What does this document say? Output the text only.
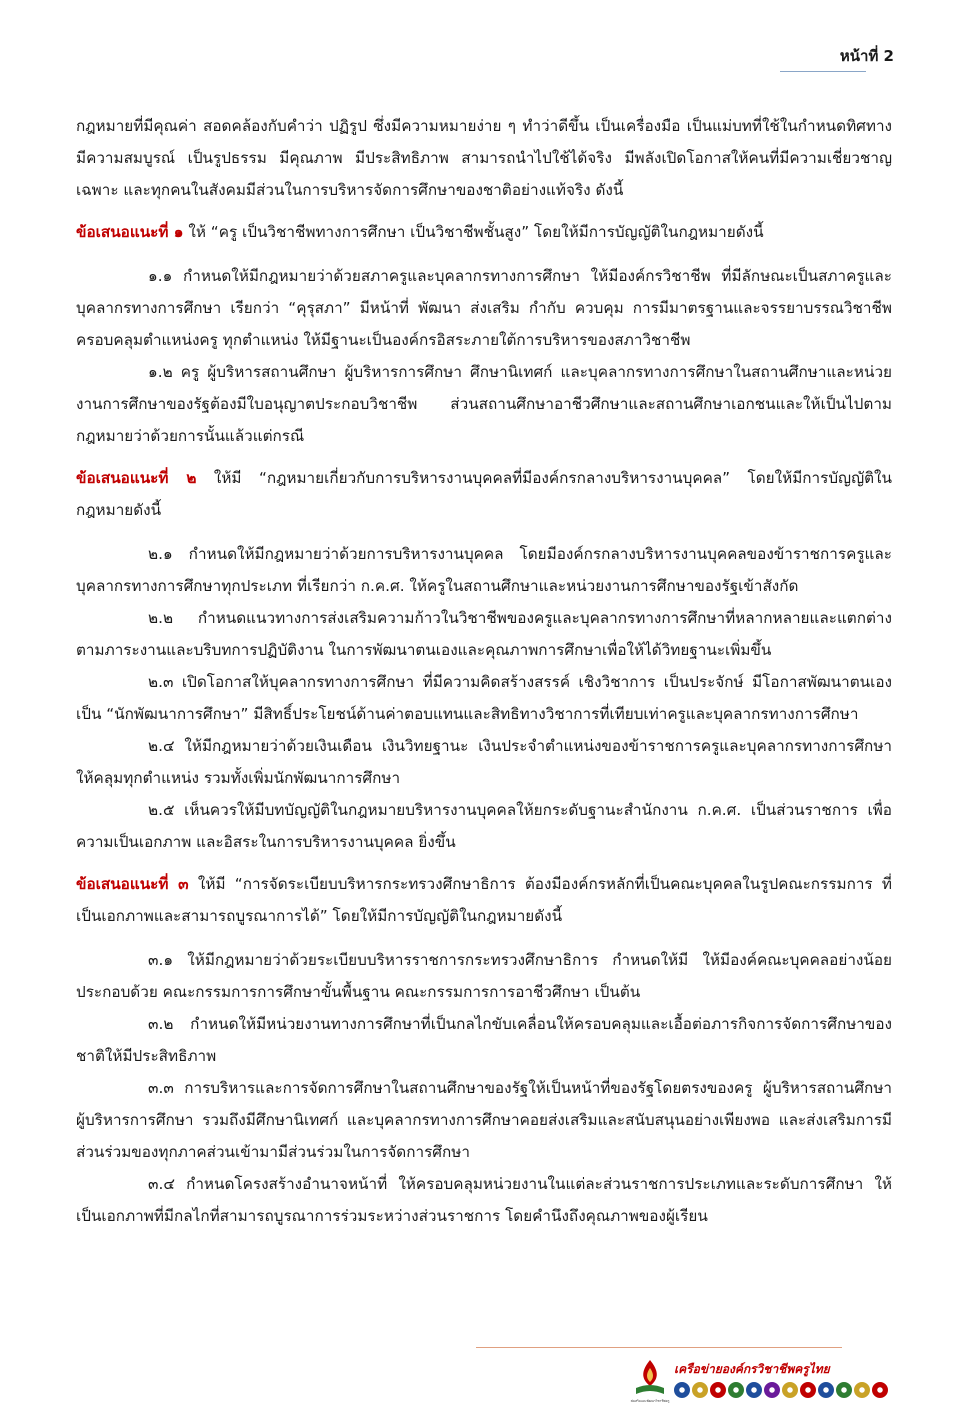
หน้าที่ 2

กฎหมายที่มีคุณค่า สอดคล้องกับคำว่า ปฏิรูป ซึ่งมีความหมายง่าย ๆ ทำว่าดีขึ้น เป็นเครื่องมือ เป็นแม่บทที่ใช้ในกำหนดทิศทาง มีความสมบูรณ์ เป็นรูปธรรม มีคุณภาพ มีประสิทธิภาพ สามารถนำไปใช้ได้จริง มีพลังเปิดโอกาสให้คนที่มีความเชี่ยวชาญเฉพาะ และทุกคนในสังคมมีส่วนในการบริหารจัดการศึกษาของชาติอย่างแท้จริง ดังนี้

ข้อเสนอแนะที่ ๑ ให้ “ครู เป็นวิชาชีพทางการศึกษา เป็นวิชาชีพชั้นสูง” โดยให้มีการบัญญัติในกฎหมายดังนี้

๑.๑ กำหนดให้มีกฎหมายว่าด้วยสภาครูและบุคลากรทางการศึกษา ให้มีองค์กรวิชาชีพ ที่มีลักษณะเป็นสภาครูและบุคลากรทางการศึกษา เรียกว่า “คุรุสภา” มีหน้าที่ พัฒนา ส่งเสริม กำกับ ควบคุม การมีมาตรฐานและจรรยาบรรณวิชาชีพ ครอบคลุมตำแหน่งครู ทุกตำแหน่ง ให้มีฐานะเป็นองค์กรอิสระภายใต้การบริหารของสภาวิชาชีพ

๑.๒ ครู ผู้บริหารสถานศึกษา ผู้บริหารการศึกษา ศึกษานิเทศก์ และบุคลากรทางการศึกษาในสถานศึกษาและหน่วยงานการศึกษาของรัฐต้องมีใบอนุญาตประกอบวิชาชีพ ส่วนสถานศึกษาอาชีวศึกษาและสถานศึกษาเอกชนและให้เป็นไปตามกฎหมายว่าด้วยการนั้นแล้วแต่กรณี

ข้อเสนอแนะที่ ๒ ให้มี “กฎหมายเกี่ยวกับการบริหารงานบุคคลที่มีองค์กรกลางบริหารงานบุคคล” โดยให้มีการบัญญัติในกฎหมายดังนี้

๒.๑ กำหนดให้มีกฎหมายว่าด้วยการบริหารงานบุคคล โดยมีองค์กรกลางบริหารงานบุคคลของข้าราชการครูและบุคลากรทางการศึกษาทุกประเภท ที่เรียกว่า ก.ค.ศ. ให้ครูในสถานศึกษาและหน่วยงานการศึกษาของรัฐเข้าสังกัด

๒.๒ กำหนดแนวทางการส่งเสริมความก้าวในวิชาชีพของครูและบุคลากรทางการศึกษาที่หลากหลายและแตกต่างตามภาระงานและบริบทการปฏิบัติงาน ในการพัฒนาตนเองและคุณภาพการศึกษาเพื่อให้ได้วิทยฐานะเพิ่มขึ้น

๒.๓ เปิดโอกาสให้บุคลากรทางการศึกษา ที่มีความคิดสร้างสรรค์ เชิงวิชาการ เป็นประจักษ์ มีโอกาสพัฒนาตนเองเป็น “นักพัฒนาการศึกษา” มีสิทธิ์ประโยชน์ด้านค่าตอบแทนและสิทธิทางวิชาการที่เทียบเท่าครูและบุคลากรทางการศึกษา

๒.๔ ให้มีกฎหมายว่าด้วยเงินเดือน เงินวิทยฐานะ เงินประจำตำแหน่งของข้าราชการครูและบุคลากรทางการศึกษาให้คลุมทุกตำแหน่ง รวมทั้งเพิ่มนักพัฒนาการศึกษา

๒.๕ เห็นควรให้มีบทบัญญัติในกฎหมายบริหารงานบุคคลให้ยกระดับฐานะสำนักงาน ก.ค.ศ. เป็นส่วนราชการ เพื่อความเป็นเอกภาพ และอิสระในการบริหารงานบุคคล ยิ่งขึ้น

ข้อเสนอแนะที่ ๓ ให้มี “การจัดระเบียบบริหารกระทรวงศึกษาธิการ ต้องมีองค์กรหลักที่เป็นคณะบุคคลในรูปคณะกรรมการ ที่เป็นเอกภาพและสามารถบูรณาการได้” โดยให้มีการบัญญัติในกฎหมายดังนี้

๓.๑ ให้มีกฎหมายว่าด้วยระเบียบบริหารราชการกระทรวงศึกษาธิการ กำหนดให้มี ให้มีองค์คณะบุคคลอย่างน้อยประกอบด้วย คณะกรรมการการศึกษาขั้นพื้นฐาน คณะกรรมการการอาชีวศึกษา เป็นต้น

๓.๒ กำหนดให้มีหน่วยงานทางการศึกษาที่เป็นกลไกขับเคลื่อนให้ครอบคลุมและเอื้อต่อภารกิจการจัดการศึกษาของชาติให้มีประสิทธิภาพ

๓.๓ การบริหารและการจัดการศึกษาในสถานศึกษาของรัฐให้เป็นหน้าที่ของรัฐโดยตรงของครู ผู้บริหารสถานศึกษา ผู้บริหารการศึกษา รวมถึงมีศึกษานิเทศก์ และบุคลากรทางการศึกษาคอยส่งเสริมและสนับสนุนอย่างเพียงพอ และส่งเสริมการมีส่วนร่วมของทุกภาคส่วนเข้ามามีส่วนร่วมในการจัดการศึกษา

๓.๔ กำหนดโครงสร้างอำนาจหน้าที่ ให้ครอบคลุมหน่วยงานในแต่ละส่วนราชการประเภทและระดับการศึกษา ให้เป็นเอกภาพที่มีกลไกที่สามารถบูรณาการร่วมระหว่างส่วนราชการ โดยคำนึงถึงคุณภาพของผู้เรียน

ส่งเสริมและพัฒนาวิชาชีพครู
เครือข่ายองค์กรวิชาชีพครูไทย
